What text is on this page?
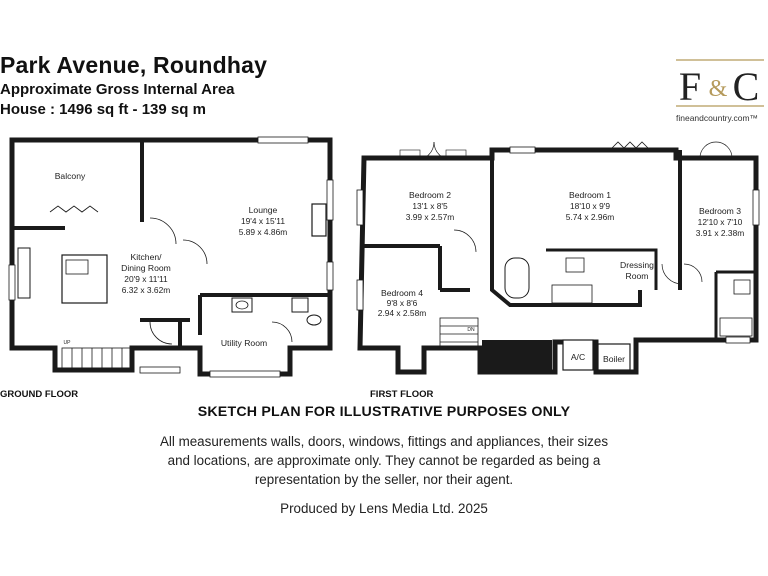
Park Avenue, Roundhay
Approximate Gross Internal Area
House : 1496 sq ft - 139 sq m
F & C
fineandcountry.com™
Balcony
Lounge
19'4 x 15'11
5.89 x 4.86m
Kitchen/
Dining Room
20'9 x 11'11
6.32 x 3.62m
Utility Room
UP
Bedroom 2
13'1 x 8'5
3.99 x 2.57m
Bedroom 1
18'10 x 9'9
5.74 x 2.96m
Bedroom 3
12'10 x 7'10
3.91 x 2.38m
Bedroom 4
9'8 x 8'6
2.94 x 2.58m
Dressing
Room
A/C Boiler
DN
GROUND FLOOR	FIRST FLOOR
SKETCH PLAN FOR ILLUSTRATIVE PURPOSES ONLY
All measurements walls, doors, windows, fittings and appliances, their sizes and locations, are approximate only. They cannot be regarded as being a representation by the seller, nor their agent.
Produced by Lens Media Ltd. 2025
